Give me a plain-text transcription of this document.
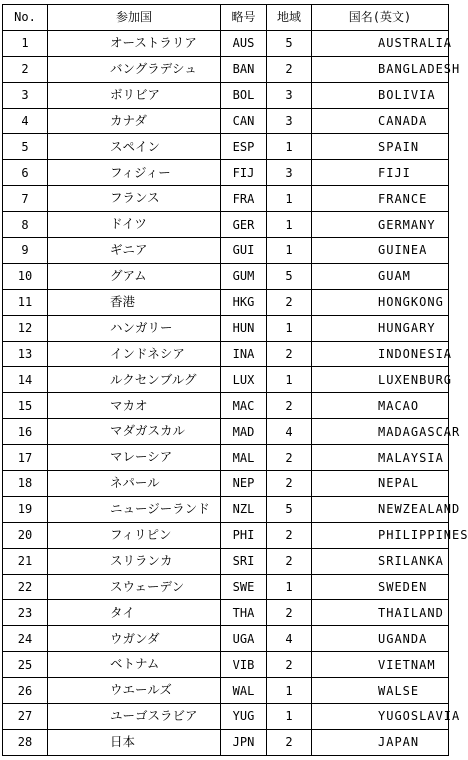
No.	参加国	略号	地域	国名(英文)
1	オーストラリア	AUS	5	AUSTRALIA
2	バングラデシュ	BAN	2	BANGLADESH
3	ボリビア	BOL	3	BOLIVIA
4	カナダ	CAN	3	CANADA
5	スペイン	ESP	1	SPAIN
6	フィジィー	FIJ	3	FIJI
7	フランス	FRA	1	FRANCE
8	ドイツ	GER	1	GERMANY
9	ギニア	GUI	1	GUINEA
10	グアム	GUM	5	GUAM
11	香港	HKG	2	HONGKONG
12	ハンガリー	HUN	1	HUNGARY
13	インドネシア	INA	2	INDONESIA
14	ルクセンブルグ	LUX	1	LUXENBURG
15	マカオ	MAC	2	MACAO
16	マダガスカル	MAD	4	MADAGASCAR
17	マレーシア	MAL	2	MALAYSIA
18	ネパール	NEP	2	NEPAL
19	ニュージーランド	NZL	5	NEWZEALAND
20	フィリピン	PHI	2	PHILIPPINES
21	スリランカ	SRI	2	SRILANKA
22	スウェーデン	SWE	1	SWEDEN
23	タイ	THA	2	THAILAND
24	ウガンダ	UGA	4	UGANDA
25	ベトナム	VIB	2	VIETNAM
26	ウエールズ	WAL	1	WALSE
27	ユーゴスラビア	YUG	1	YUGOSLAVIA
28	日本	JPN	2	JAPAN
